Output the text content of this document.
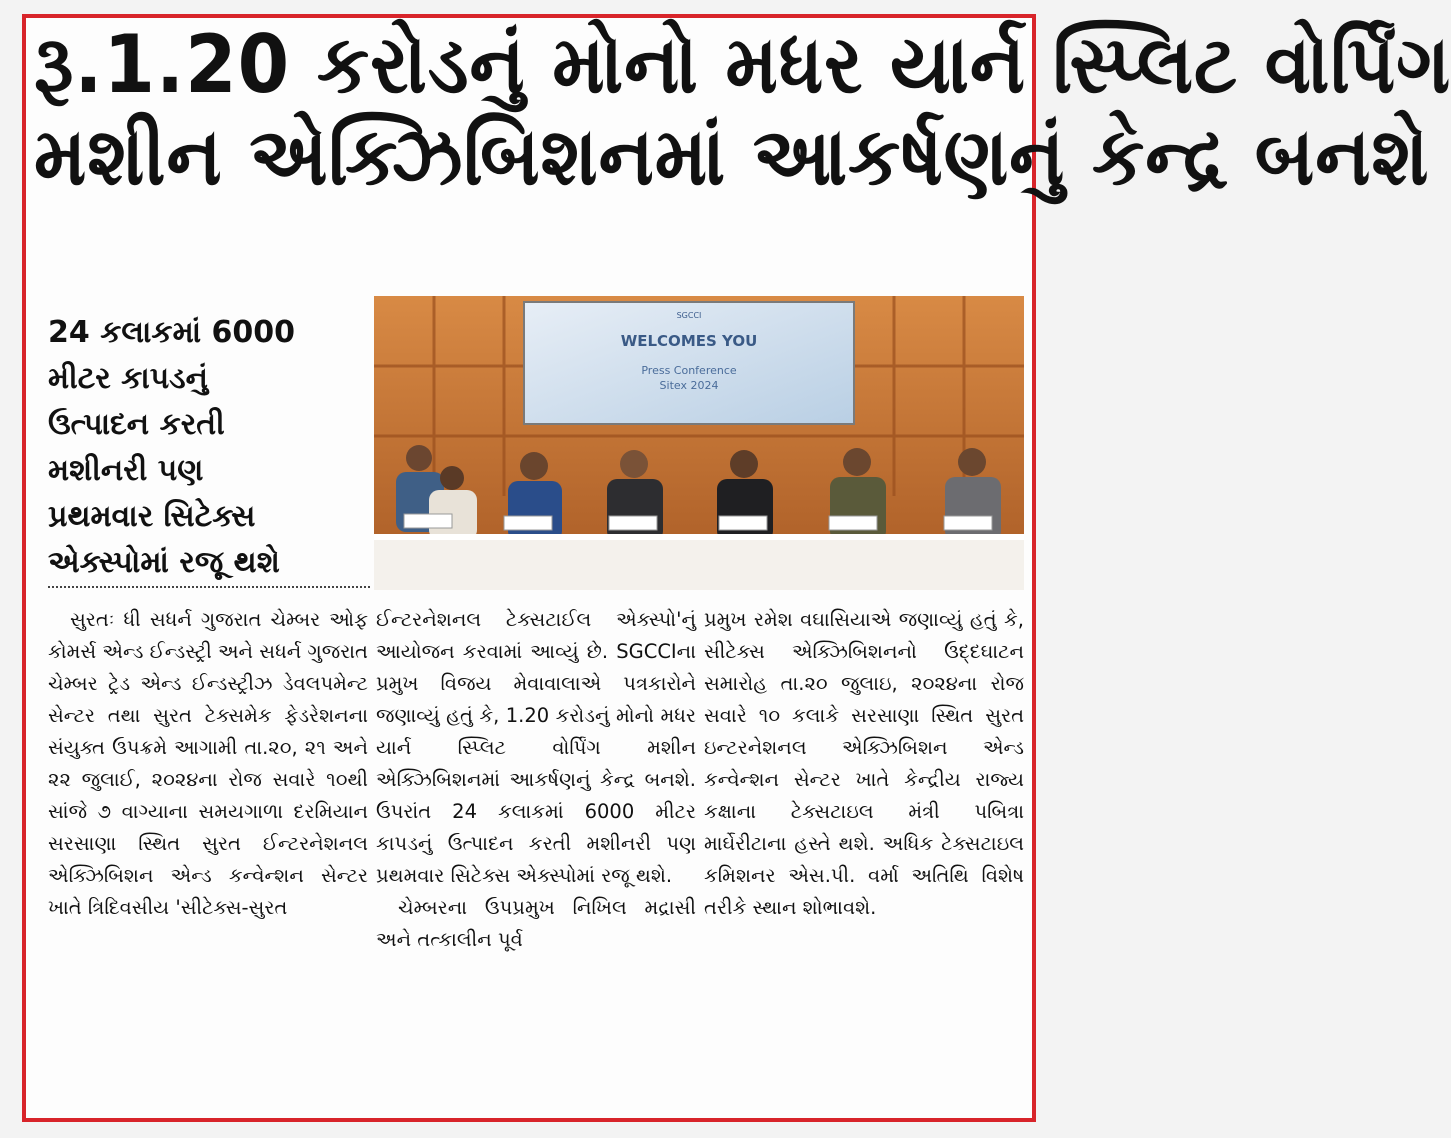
રૂ.1.20 કરોડનું મોનો મધર યાર્ન સ્પ્લિટ વોર્પિંગ
મશીન એક્ઝિબિશનમાં આકર્ષણનું કેન્દ્ર બનશે
24 કલાકમાં 6000
મીટર કાપડનું
ઉત્પાદન કરતી
મશીનરી પણ
પ્રથમવાર સિટેક્સ
એક્સ્પોમાં રજૂ થશે
SGCCI
WELCOMES YOU
Press Conference
Sitex 2024

સુરતઃ ધી સધર્ન ગુજરાત ચેમ્બર ઓફ કોમર્સ એન્ડ ઈન્ડસ્ટ્રી અને સધર્ન ગુજરાત ચેમ્બર ટ્રેડ એન્ડ ઈન્ડસ્ટ્રીઝ ડેવલપમેન્ટ સેન્ટર તથા સુરત ટેક્સમેક ફેડરેશનના સંયુક્ત ઉપક્રમે આગામી તા.૨૦, ૨૧ અને ૨૨ જુલાઈ, ૨૦૨૪ના રોજ સવારે ૧૦થી સાંજે ૭ વાગ્યાના સમયગાળા દરમિયાન સરસાણા સ્થિત સુરત ઈન્ટરનેશનલ એક્ઝિબિશન એન્ડ કન્વેન્શન સેન્ટર ખાતે ત્રિદિવસીય 'સીટેક્સ-સુરત

ઈન્ટરનેશનલ ટેક્સટાઈલ એક્સ્પો'નું આયોજન કરવામાં આવ્યું છે. SGCCIના પ્રમુખ વિજય મેવાવાલાએ પત્રકારોને જણાવ્યું હતું કે, 1.20 કરોડનું મોનો મધર યાર્ન સ્પ્લિટ વોર્પિંગ મશીન એક્ઝિબિશનમાં આકર્ષણનું કેન્દ્ર બનશે. ઉપરાંત 24 કલાકમાં 6000 મીટર કાપડનું ઉત્પાદન કરતી મશીનરી પણ પ્રથમવાર સિટેક્સ એક્સ્પોમાં રજૂ થશે.

ચેમ્બરના ઉપપ્રમુખ નિખિલ મદ્રાસી અને તત્કાલીન પૂર્વ

પ્રમુખ રમેશ વઘાસિયાએ જણાવ્યું હતું કે, સીટેક્સ એક્ઝિબિશનનો ઉદ્દઘાટન સમારોહ તા.૨૦ જુલાઇ, ૨૦૨૪ના રોજ સવારે ૧૦ કલાકે સરસાણા સ્થિત સુરત ઇન્ટરનેશનલ એક્ઝિબિશન એન્ડ કન્વેન્શન સેન્ટર ખાતે કેન્દ્રીય રાજ્ય કક્ષાના ટેક્સટાઇલ મંત્રી પબિત્રા માર્ઘેરીટાના હસ્તે થશે. અધિક ટેક્સટાઇલ કમિશનર એસ.પી. વર્મા અતિથિ વિશેષ તરીકે સ્થાન શોભાવશે.
